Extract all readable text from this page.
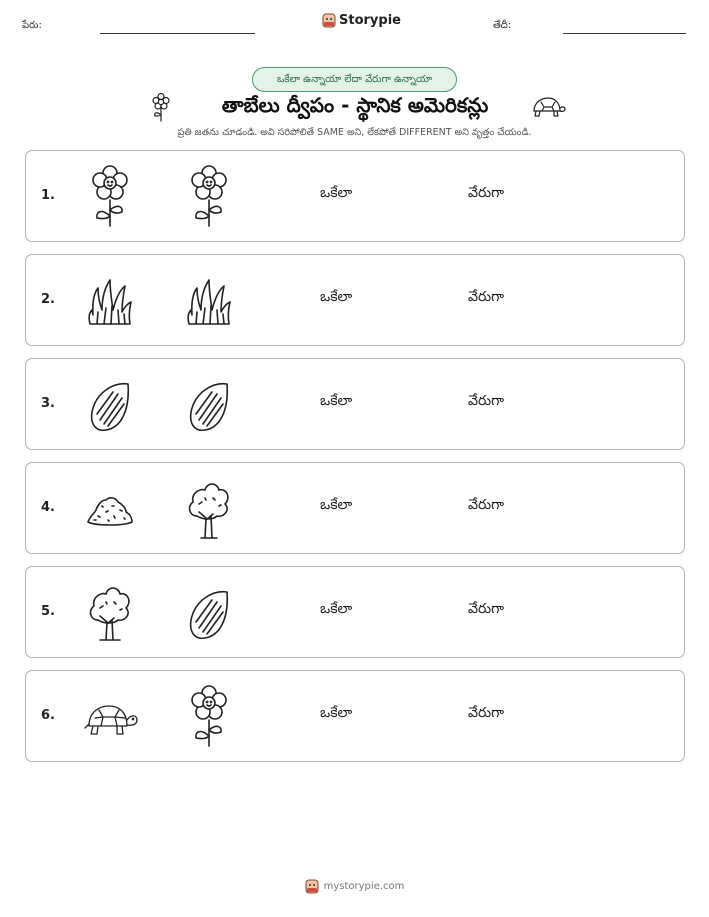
పేరు:	Storypie	తేదీ:
ఒకేలా ఉన్నాయా లేదా వేరుగా ఉన్నాయా
తాబేలు ద్వీపం - స్థానిక అమెరికన్లు
ప్రతి జతను చూడండి. అవి సరిపోలితే SAME అని, లేకపోతే DIFFERENT అని వృత్తం చేయండి.
1.	ఒకేలా	వేరుగా
2.	ఒకేలా	వేరుగా
3.	ఒకేలా	వేరుగా
4.	ఒకేలా	వేరుగా
5.	ఒకేలా	వేరుగా
6.	ఒకేలా	వేరుగా
mystorypie.com
